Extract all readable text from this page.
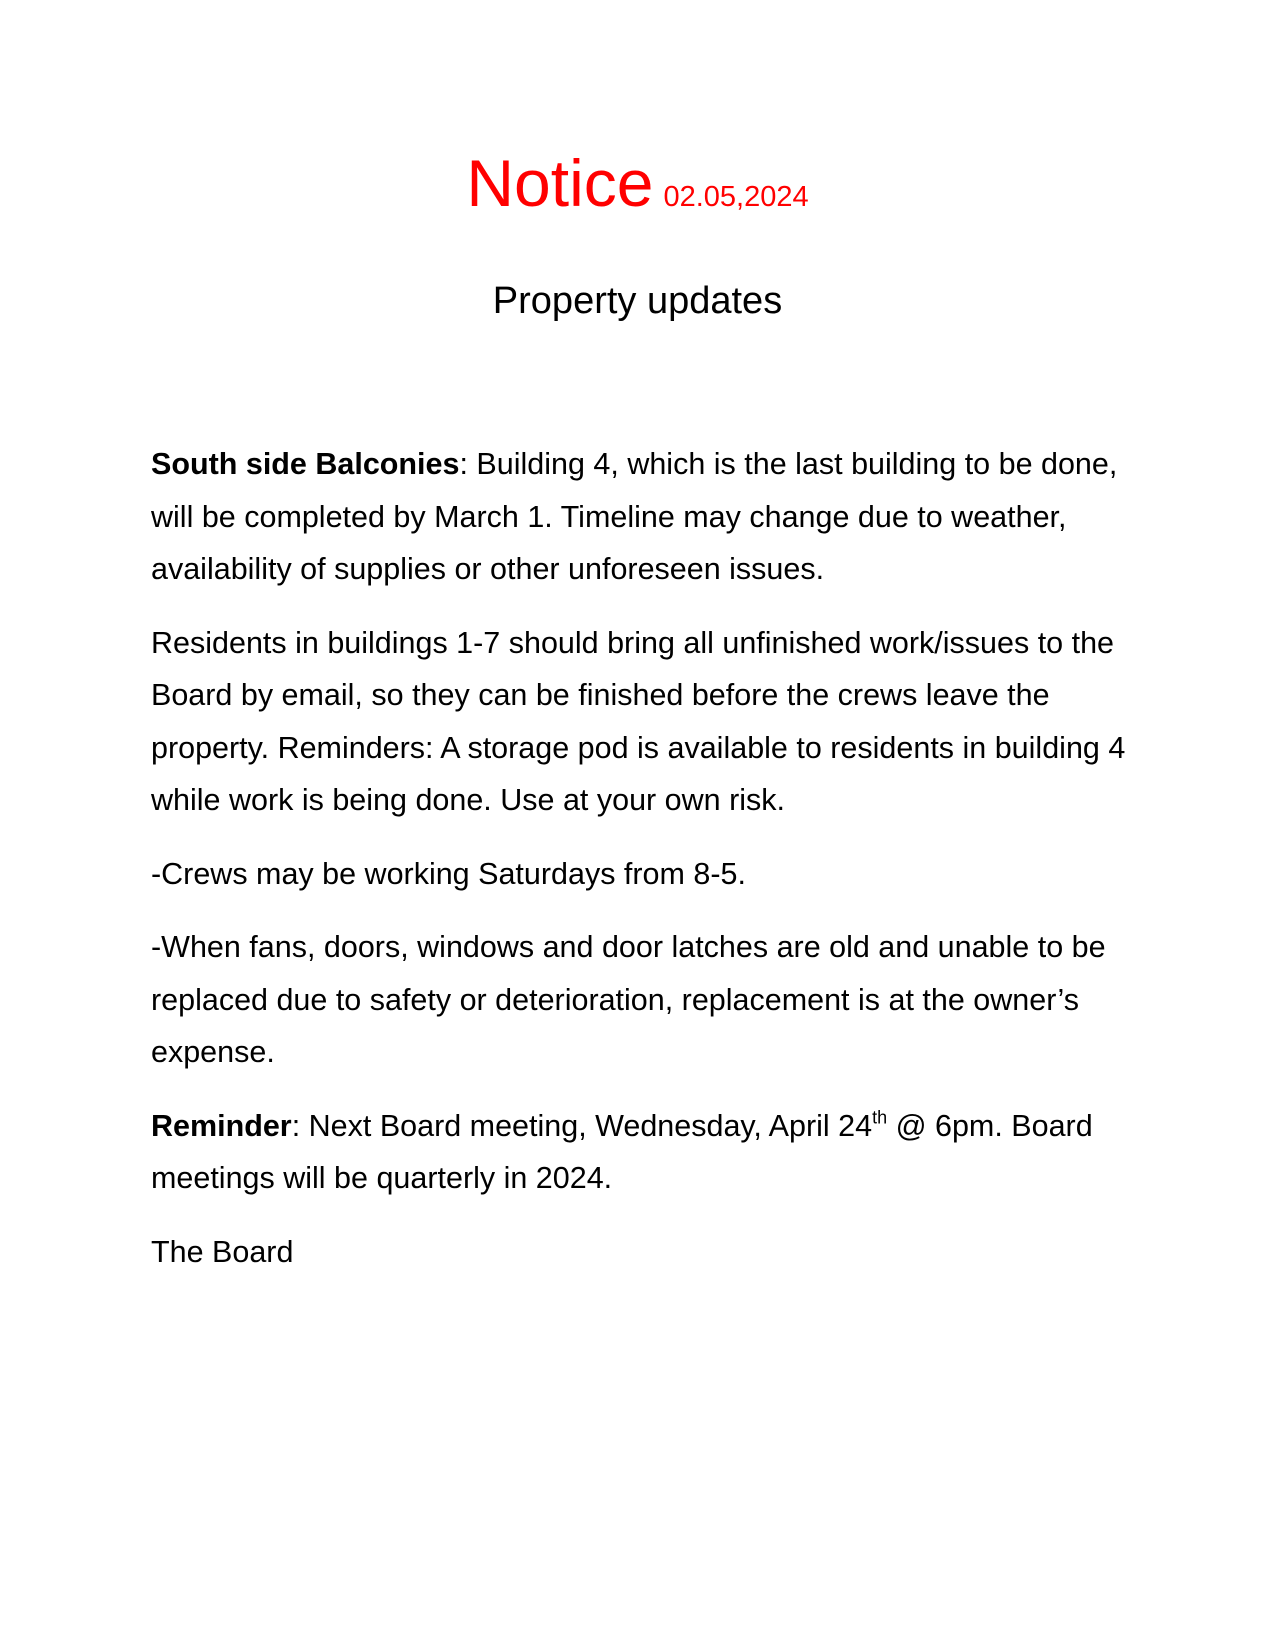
Notice 02.05,2024
Property updates

South side Balconies: Building 4, which is the last building to be done, will be completed by March 1. Timeline may change due to weather, availability of supplies or other unforeseen issues.

Residents in buildings 1-7 should bring all unfinished work/issues to the Board by email, so they can be finished before the crews leave the property. Reminders: A storage pod is available to residents in building 4 while work is being done. Use at your own risk.

-Crews may be working Saturdays from 8-5.

-When fans, doors, windows and door latches are old and unable to be replaced due to safety or deterioration, replacement is at the owner’s expense.

Reminder: Next Board meeting, Wednesday, April 24th @ 6pm. Board meetings will be quarterly in 2024.

The Board
